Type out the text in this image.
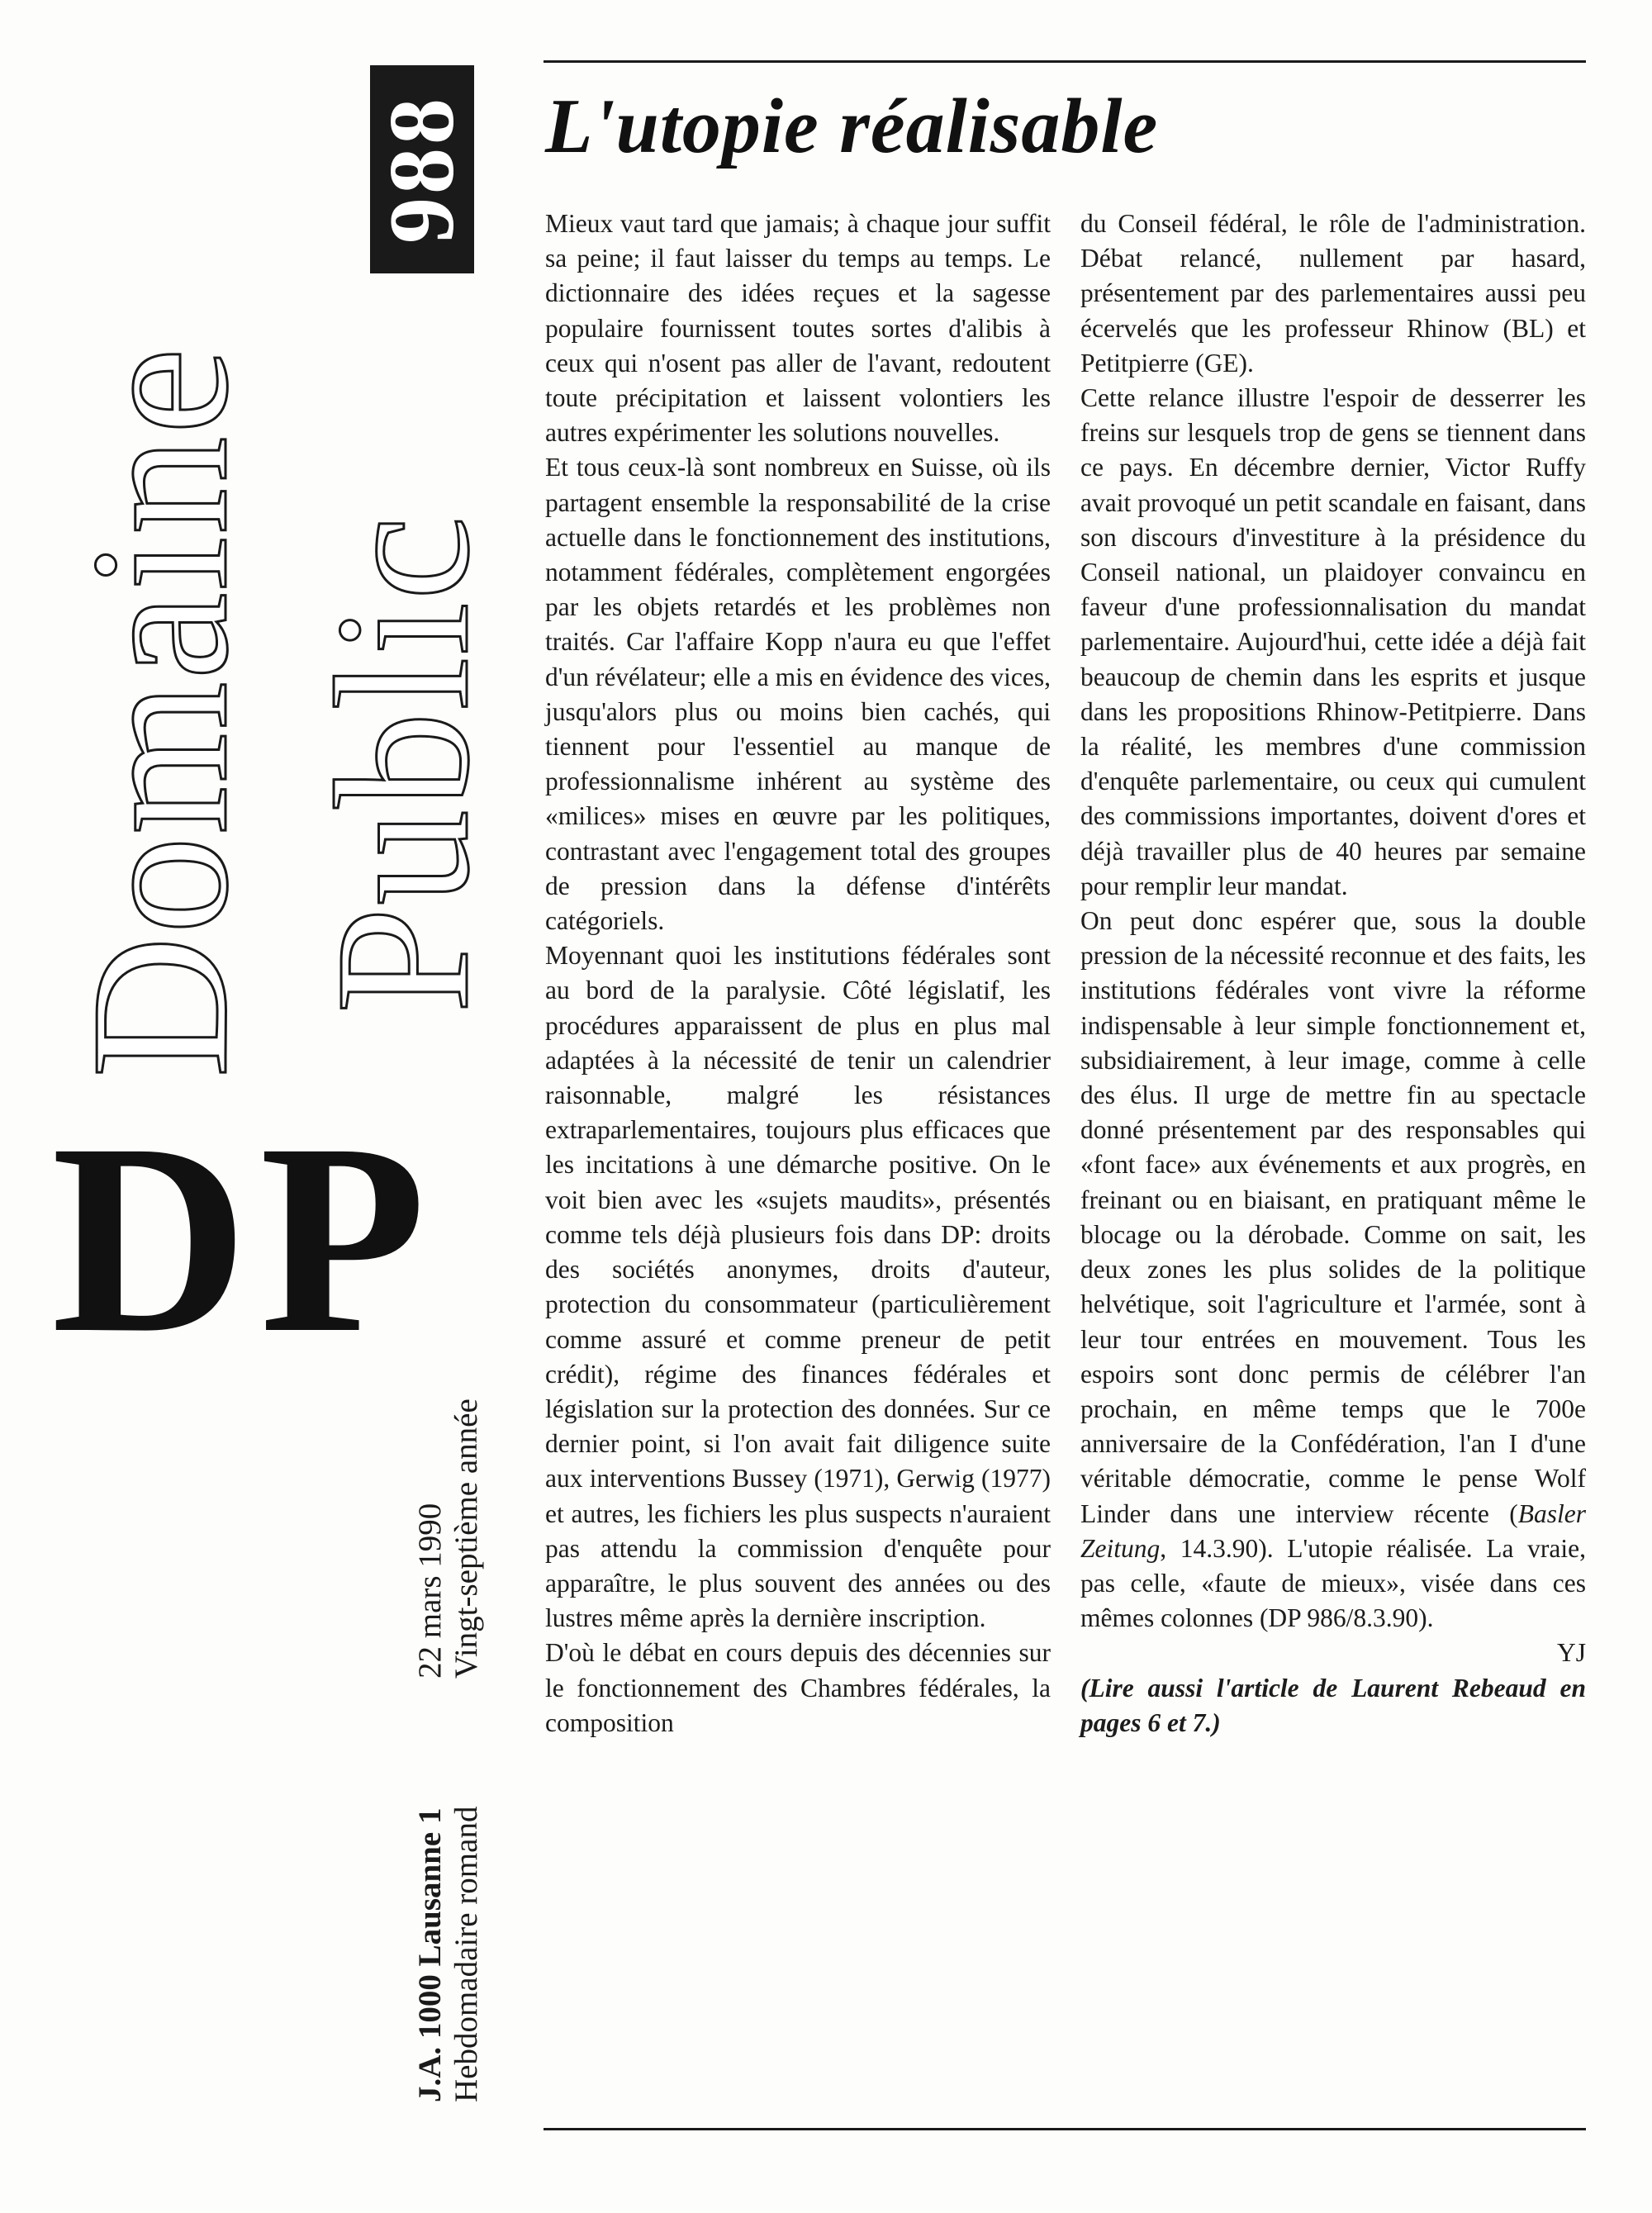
Domaine Public
988
DP
J.A. 1000 Lausanne 1 Hebdomadaire romand
22 mars 1990 Vingt-septième année
L'utopie réalisable

Mieux vaut tard que jamais; à chaque jour suffit sa peine; il faut laisser du temps au temps. Le dictionnaire des idées reçues et la sagesse populaire fournissent toutes sortes d'alibis à ceux qui n'osent pas aller de l'avant, redoutent toute précipitation et laissent volontiers les autres expérimenter les solutions nouvelles.

Et tous ceux-là sont nombreux en Suisse, où ils partagent ensemble la responsabilité de la crise actuelle dans le fonctionnement des institutions, notamment fédérales, complètement engorgées par les objets retardés et les problèmes non traités. Car l'affaire Kopp n'aura eu que l'effet d'un révélateur; elle a mis en évidence des vices, jusqu'alors plus ou moins bien cachés, qui tiennent pour l'essentiel au manque de professionnalisme inhérent au système des «milices» mises en œuvre par les politiques, contrastant avec l'engagement total des groupes de pression dans la défense d'intérêts catégoriels.

Moyennant quoi les institutions fédérales sont au bord de la paralysie. Côté législatif, les procédures apparaissent de plus en plus mal adaptées à la nécessité de tenir un calendrier raisonnable, malgré les résistances extraparlementaires, toujours plus efficaces que les incitations à une démarche positive. On le voit bien avec les «sujets maudits», présentés comme tels déjà plusieurs fois dans DP: droits des sociétés anonymes, droits d'auteur, protection du consommateur (particulièrement comme assuré et comme preneur de petit crédit), régime des finances fédérales et législation sur la protection des données. Sur ce dernier point, si l'on avait fait diligence suite aux interventions Bussey (1971), Gerwig (1977) et autres, les fichiers les plus suspects n'auraient pas attendu la commission d'enquête pour apparaître, le plus souvent des années ou des lustres même après la dernière inscription.

D'où le débat en cours depuis des décennies sur le fonctionnement des Chambres fédérales, la composition

du Conseil fédéral, le rôle de l'administration. Débat relancé, nullement par hasard, présentement par des parlementaires aussi peu écervelés que les professeur Rhinow (BL) et Petitpierre (GE).

Cette relance illustre l'espoir de desserrer les freins sur lesquels trop de gens se tiennent dans ce pays. En décembre dernier, Victor Ruffy avait provoqué un petit scandale en faisant, dans son discours d'investiture à la présidence du Conseil national, un plaidoyer convaincu en faveur d'une professionnalisation du mandat parlementaire. Aujourd'hui, cette idée a déjà fait beaucoup de chemin dans les esprits et jusque dans les propositions Rhinow-Petitpierre. Dans la réalité, les membres d'une commission d'enquête parlementaire, ou ceux qui cumulent des commissions importantes, doivent d'ores et déjà travailler plus de 40 heures par semaine pour remplir leur mandat.

On peut donc espérer que, sous la double pression de la nécessité reconnue et des faits, les institutions fédérales vont vivre la réforme indispensable à leur simple fonctionnement et, subsidiairement, à leur image, comme à celle des élus. Il urge de mettre fin au spectacle donné présentement par des responsables qui «font face» aux événements et aux progrès, en freinant ou en biaisant, en pratiquant même le blocage ou la dérobade. Comme on sait, les deux zones les plus solides de la politique helvétique, soit l'agriculture et l'armée, sont à leur tour entrées en mouvement. Tous les espoirs sont donc permis de célébrer l'an prochain, en même temps que le 700e anniversaire de la Confédération, l'an I d'une véritable démocratie, comme le pense Wolf Linder dans une interview récente (Basler Zeitung, 14.3.90). L'utopie réalisée. La vraie, pas celle, «faute de mieux», visée dans ces mêmes colonnes (DP 986/8.3.90).

YJ

(Lire aussi l'article de Laurent Rebeaud en pages 6 et 7.)
